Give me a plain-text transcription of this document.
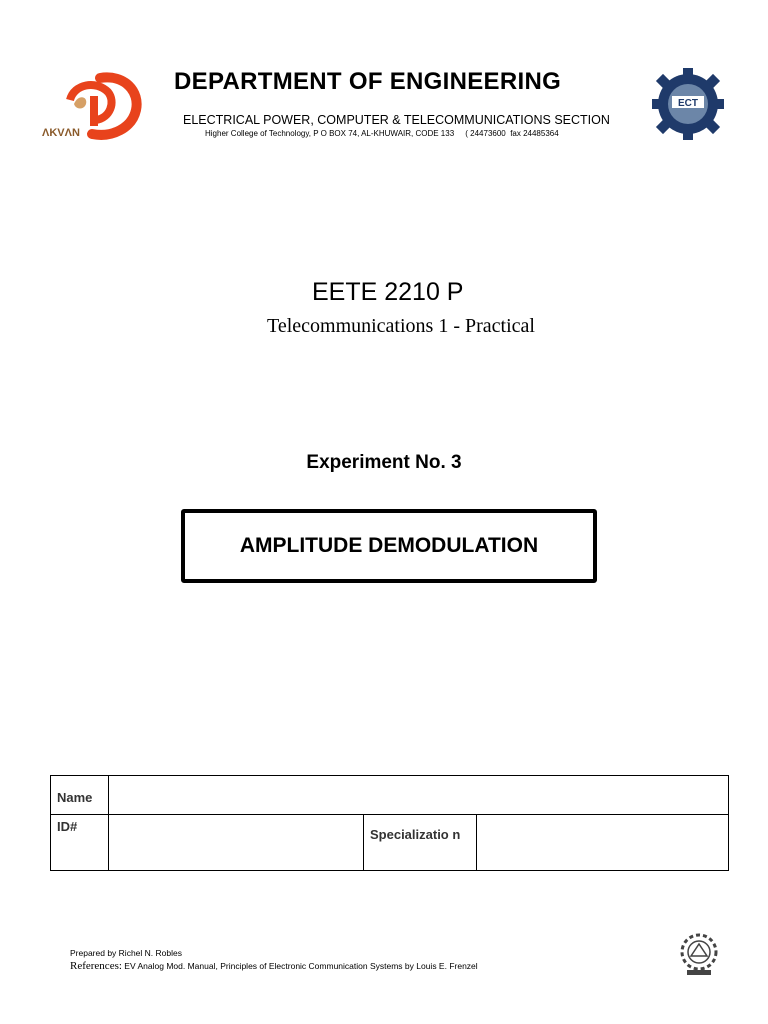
ΛKVΛN
DEPARTMENT OF ENGINEERING
ELECTRICAL POWER, COMPUTER & TELECOMMUNICATIONS SECTION
Higher College of Technology, P O BOX 74, AL-KHUWAIR, CODE 133     ( 24473600  fax 24485364
ECT
EETE 2210 P
Telecommunications 1 - Practical
Experiment No. 3
AMPLITUDE DEMODULATION
Name			
ID#		Specializatio n	
Prepared by Richel N. Robles
References: EV Analog Mod. Manual, Principles of Electronic Communication Systems by Louis E. Frenzel
